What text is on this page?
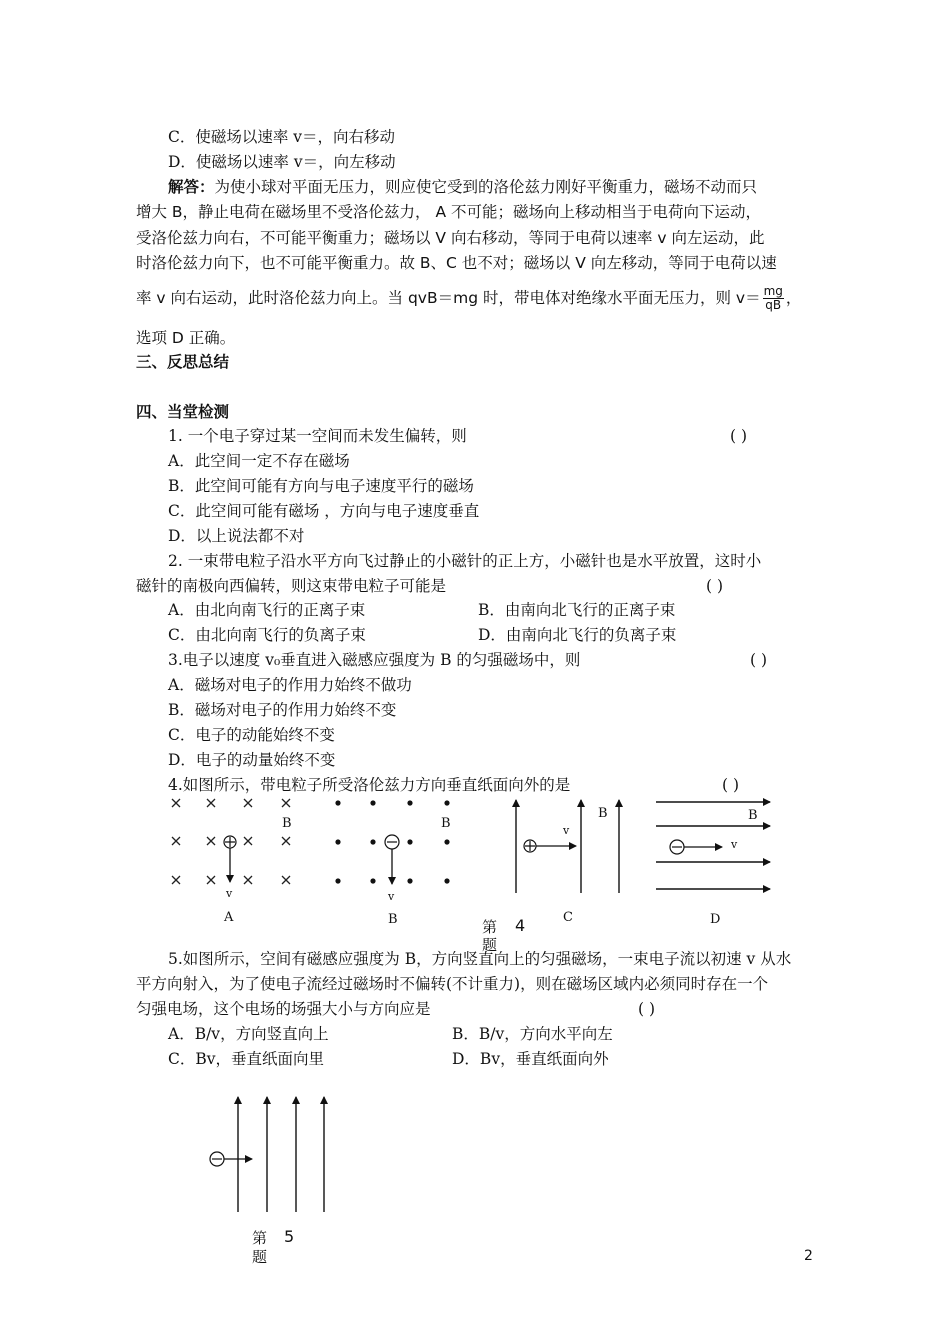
C．使磁场以速率 v＝，向右移动
D．使磁场以速率 v＝，向左移动
解答：为使小球对平面无压力，则应使它受到的洛伦兹力刚好平衡重力，磁场不动而只
增大 B，静止电荷在磁场里不受洛伦兹力， A 不可能；磁场向上移动相当于电荷向下运动，
受洛伦兹力向右，不可能平衡重力；磁场以 V 向右移动，等同于电荷以速率 v 向左运动，此
时洛伦兹力向下，也不可能平衡重力。故 B、C 也不对；磁场以 V 向左移动，等同于电荷以速
率 v 向右运动，此时洛伦兹力向上。当 qvB＝mg 时，带电体对绝缘水平面无压力，则 $v= \frac{mg}{qB}$ ，
选项 D 正确。
三、反思总结
四、当堂检测
1. 一个电子穿过某一空间而未发生偏转，则	( )
A．此空间一定不存在磁场
B．此空间可能有方向与电子速度平行的磁场
C．此空间可能有磁场 ，方向与电子速度垂直
D．以上说法都不对
2. 一束带电粒子沿水平方向飞过静止的小磁针的正上方，小磁针也是水平放置，这时小
磁针的南极向西偏转，则这束带电粒子可能是	( )
A．由北向南飞行的正离子束	B．由南向北飞行的正离子束
C．由北向南飞行的负离子束	D．由南向北飞行的负离子束
3.电子以速度 v₀垂直进入磁感应强度为 B 的匀强磁场中，则	( )
A．磁场对电子的作用力始终不做功
B．磁场对电子的作用力始终不变
C．电子的动能始终不变
D．电子的动量始终不变
4.如图所示，带电粒子所受洛伦兹力方向垂直纸面向外的是	( )
B
v
A
B
v
B
B
v
C
B
v
D
第 4
题
5.如图所示，空间有磁感应强度为 B，方向竖直向上的匀强磁场，一束电子流以初速 v 从水
平方向射入，为了使电子流经过磁场时不偏转(不计重力)，则在磁场区域内必须同时存在一个
匀强电场，这个电场的场强大小与方向应是	( )
A．B/v，方向竖直向上	B．B/v，方向水平向左
C．Bv，垂直纸面向里	D．Bv，垂直纸面向外
第 5
题	2
